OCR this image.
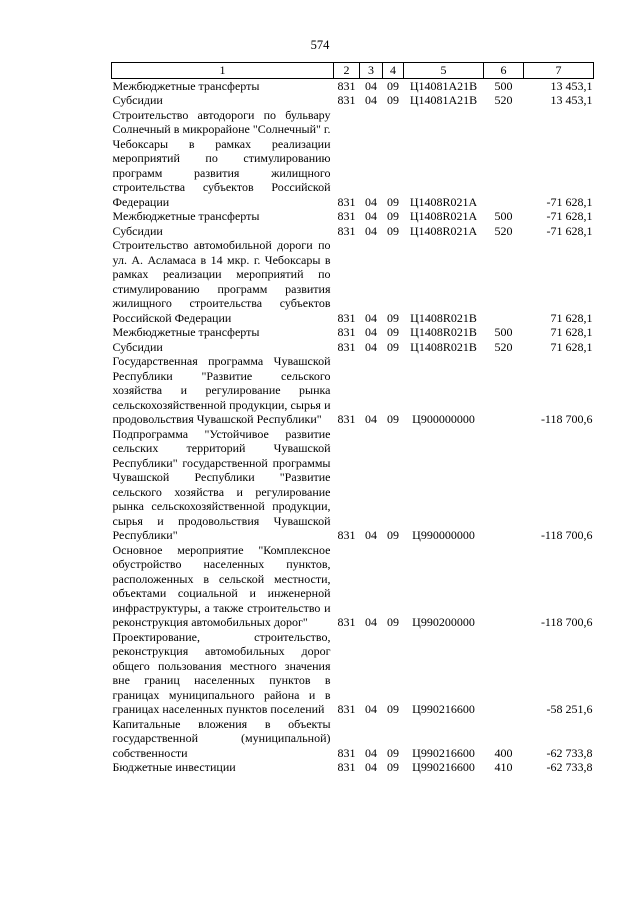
574
1	2	3	4	5	6	7
Межбюджетные трансферты	831	04	09	Ц14081А21В	500	13 453,1
Субсидии	831	04	09	Ц14081А21В	520	13 453,1
Строительство автодороги по бульвару Солнечный в микрорайоне "Солнечный" г. Чебоксары в рамках реализации мероприятий по стимулированию программ развития жилищного строительства субъектов Российской Федерации	831	04	09	Ц1408R021А		-71 628,1
Межбюджетные трансферты	831	04	09	Ц1408R021А	500	-71 628,1
Субсидии	831	04	09	Ц1408R021А	520	-71 628,1
Строительство автомобильной дороги по ул. А. Асламаса в 14 мкр. г. Чебоксары в рамках реализации мероприятий по стимулированию программ развития жилищного строительства субъектов Российской Федерации	831	04	09	Ц1408R021В		71 628,1
Межбюджетные трансферты	831	04	09	Ц1408R021В	500	71 628,1
Субсидии	831	04	09	Ц1408R021В	520	71 628,1
Государственная программа Чувашской Республики "Развитие сельского хозяйства и регулирование рынка сельскохозяйственной продукции, сырья и продовольствия Чувашской Республики"	831	04	09	Ц900000000		-118 700,6
Подпрограмма "Устойчивое развитие сельских территорий Чувашской Республики" государственной программы Чувашской Республики "Развитие сельского хозяйства и регулирование рынка сельскохозяйственной продукции, сырья и продовольствия Чувашской Республики"	831	04	09	Ц990000000		-118 700,6
Основное мероприятие "Комплексное обустройство населенных пунктов, расположенных в сельской местности, объектами социальной и инженерной инфраструктуры, а также строительство и реконструкция автомобильных дорог"	831	04	09	Ц990200000		-118 700,6
Проектирование, строительство, реконструкция автомобильных дорог общего пользования местного значения вне границ населенных пунктов в границах муниципального района и в границах населенных пунктов поселений	831	04	09	Ц990216600		-58 251,6
Капитальные вложения в объекты государственной (муниципальной) собственности	831	04	09	Ц990216600	400	-62 733,8
Бюджетные инвестиции	831	04	09	Ц990216600	410	-62 733,8
